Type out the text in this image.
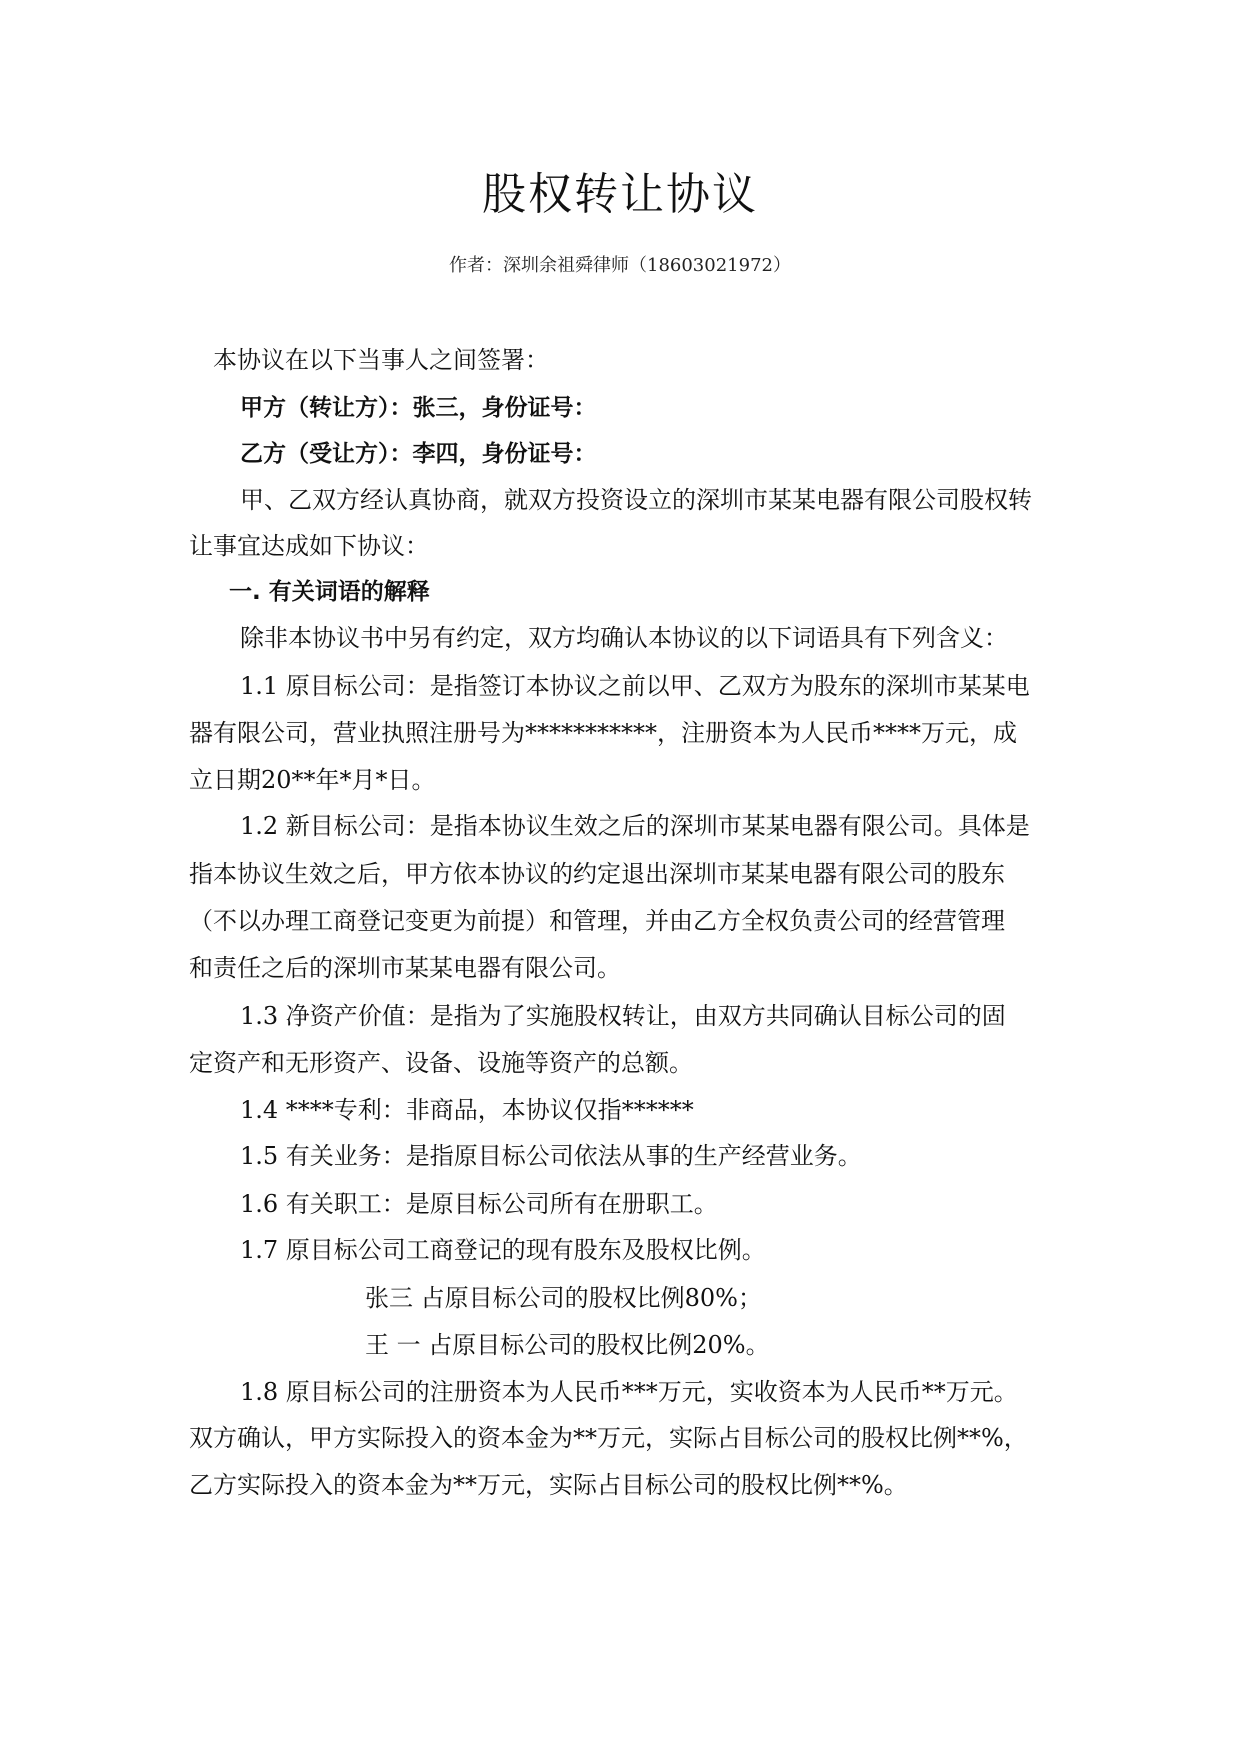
股权转让协议
作者：深圳余祖舜律师（18603021972）
本协议在以下当事人之间签署：
甲方（转让方）：张三，身份证号：
乙方（受让方）：李四，身份证号：
甲、乙双方经认真协商，就双方投资设立的深圳市某某电器有限公司股权转
让事宜达成如下协议：
一. 有关词语的解释
除非本协议书中另有约定，双方均确认本协议的以下词语具有下列含义：
1.1 原目标公司：是指签订本协议之前以甲、乙双方为股东的深圳市某某电
器有限公司，营业执照注册号为***********，注册资本为人民币****万元，成
立日期20**年*月*日。
1.2 新目标公司：是指本协议生效之后的深圳市某某电器有限公司。具体是
指本协议生效之后，甲方依本协议的约定退出深圳市某某电器有限公司的股东
（不以办理工商登记变更为前提）和管理，并由乙方全权负责公司的经营管理
和责任之后的深圳市某某电器有限公司。
1.3 净资产价值：是指为了实施股权转让，由双方共同确认目标公司的固
定资产和无形资产、设备、设施等资产的总额。
1.4 ****专利：非商品，本协议仅指******
1.5 有关业务：是指原目标公司依法从事的生产经营业务。
1.6 有关职工：是原目标公司所有在册职工。
1.7 原目标公司工商登记的现有股东及股权比例。
张三 占原目标公司的股权比例80%；
王 一 占原目标公司的股权比例20%。
1.8 原目标公司的注册资本为人民币***万元，实收资本为人民币**万元。
双方确认，甲方实际投入的资本金为**万元，实际占目标公司的股权比例**%，
乙方实际投入的资本金为**万元，实际占目标公司的股权比例**%。
